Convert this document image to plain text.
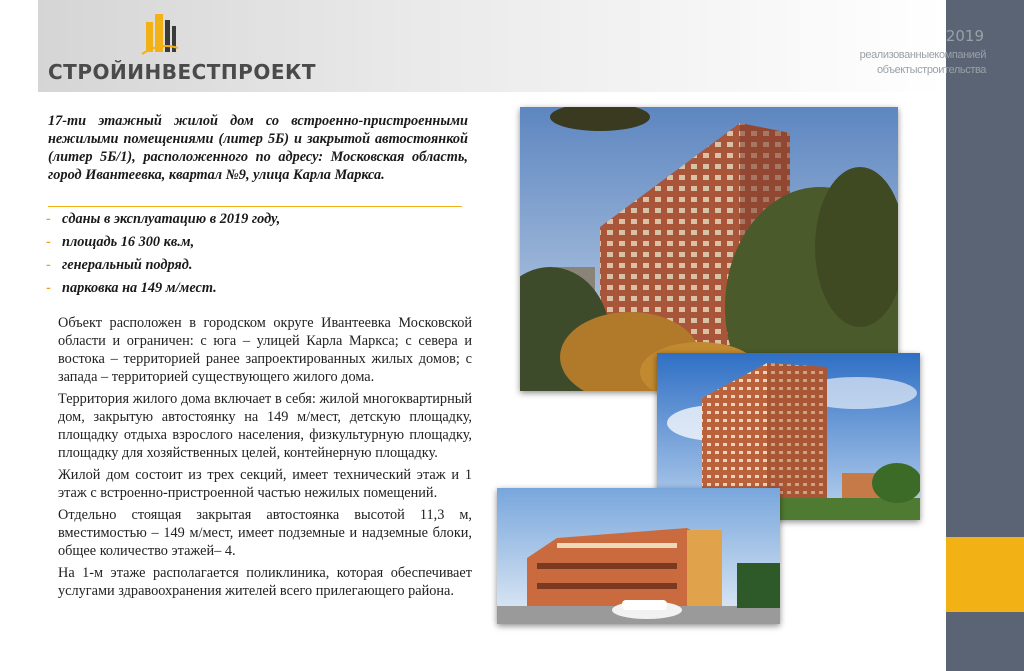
СТРОЙИНВЕСТПРОЕКТ
2019
реализованныекомпанией
объектыстроительства
17-ти этажный жилой дом со встроенно-пристроенными нежилыми помещениями (литер 5Б) и закрытой автостоянкой (литер 5Б/1), расположенного по адресу: Московская область, город Ивантеевка, квартал №9, улица Карла Маркса.
- сданы в эксплуатацию в 2019 году,
- площадь 16 300 кв.м,
- генеральный подряд.
- парковка на 149 м/мест.

Объект расположен в городском округе Ивантеевка Московской области и ограничен: с юга – улицей Карла Маркса; с севера и востока – территорией ранее запроектированных жилых домов; с запада – территорией существующего жилого дома.

Территория жилого дома включает в себя: жилой многоквартирный дом, закрытую автостоянку на 149 м/мест, детскую площадку, площадку отдыха взрослого населения, физкультурную площадку, площадку для хозяйственных целей, контейнерную площадку.

Жилой дом состоит из трех секций, имеет технический этаж и 1 этаж с встроенно-пристроенной частью нежилых помещений.

Отдельно стоящая закрытая автостоянка высотой 11,3 м, вместимостью – 149 м/мест, имеет подземные и надземные блоки, общее количество этажей– 4.

На 1-м этаже располагается поликлиника, которая обеспечивает услугами здравоохранения жителей всего прилегающего района.
